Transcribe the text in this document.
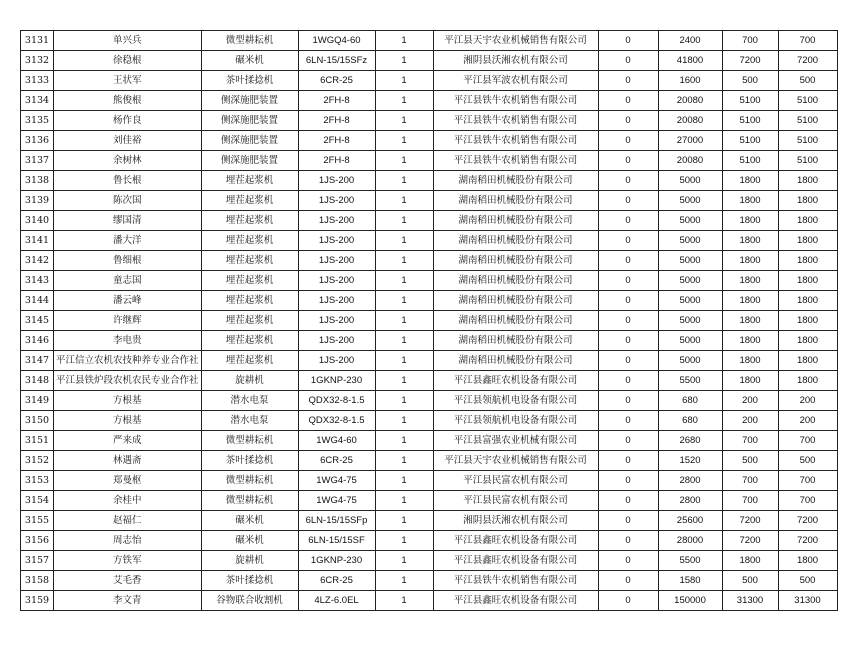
3131	单兴兵	微型耕耘机	1WGQ4-60	1	平江县天宇农业机械销售有限公司	0	2400	700	700
3132	徐稳根	碾米机	6LN-15/15SFz	1	湘阴县沃湘农机有限公司	0	41800	7200	7200
3133	王状军	茶叶揉捻机	6CR-25	1	平江县军波农机有限公司	0	1600	500	500
3134	熊俊根	侧深施肥装置	2FH-8	1	平江县铁牛农机销售有限公司	0	20080	5100	5100
3135	杨作良	侧深施肥装置	2FH-8	1	平江县铁牛农机销售有限公司	0	20080	5100	5100
3136	刘佳裕	侧深施肥装置	2FH-8	1	平江县铁牛农机销售有限公司	0	27000	5100	5100
3137	余树林	侧深施肥装置	2FH-8	1	平江县铁牛农机销售有限公司	0	20080	5100	5100
3138	鲁长根	埋茬起浆机	1JS-200	1	湖南稻田机械股份有限公司	0	5000	1800	1800
3139	陈次国	埋茬起浆机	1JS-200	1	湖南稻田机械股份有限公司	0	5000	1800	1800
3140	缪国清	埋茬起浆机	1JS-200	1	湖南稻田机械股份有限公司	0	5000	1800	1800
3141	潘大洋	埋茬起浆机	1JS-200	1	湖南稻田机械股份有限公司	0	5000	1800	1800
3142	鲁细根	埋茬起浆机	1JS-200	1	湖南稻田机械股份有限公司	0	5000	1800	1800
3143	童志国	埋茬起浆机	1JS-200	1	湖南稻田机械股份有限公司	0	5000	1800	1800
3144	潘云峰	埋茬起浆机	1JS-200	1	湖南稻田机械股份有限公司	0	5000	1800	1800
3145	许继辉	埋茬起浆机	1JS-200	1	湖南稻田机械股份有限公司	0	5000	1800	1800
3146	李电贵	埋茬起浆机	1JS-200	1	湖南稻田机械股份有限公司	0	5000	1800	1800
3147	平江信立农机农技种养专业合作社	埋茬起浆机	1JS-200	1	湖南稻田机械股份有限公司	0	5000	1800	1800
3148	平江县铁炉段农机农民专业合作社	旋耕机	1GKNP-230	1	平江县鑫旺农机设备有限公司	0	5500	1800	1800
3149	方根基	潜水电泵	QDX32-8-1.5	1	平江县领航机电设备有限公司	0	680	200	200
3150	方根基	潜水电泵	QDX32-8-1.5	1	平江县领航机电设备有限公司	0	680	200	200
3151	严来成	微型耕耘机	1WG4-60	1	平江县富强农业机械有限公司	0	2680	700	700
3152	林遇斋	茶叶揉捻机	6CR-25	1	平江县天宇农业机械销售有限公司	0	1520	500	500
3153	郑曼枢	微型耕耘机	1WG4-75	1	平江县民富农机有限公司	0	2800	700	700
3154	余桂中	微型耕耘机	1WG4-75	1	平江县民富农机有限公司	0	2800	700	700
3155	赵福仁	碾米机	6LN-15/15SFp	1	湘阴县沃湘农机有限公司	0	25600	7200	7200
3156	周志怡	碾米机	6LN-15/15SF	1	平江县鑫旺农机设备有限公司	0	28000	7200	7200
3157	方铁军	旋耕机	1GKNP-230	1	平江县鑫旺农机设备有限公司	0	5500	1800	1800
3158	艾毛香	茶叶揉捻机	6CR-25	1	平江县铁牛农机销售有限公司	0	1580	500	500
3159	李文青	谷物联合收割机	4LZ-6.0EL	1	平江县鑫旺农机设备有限公司	0	150000	31300	31300
